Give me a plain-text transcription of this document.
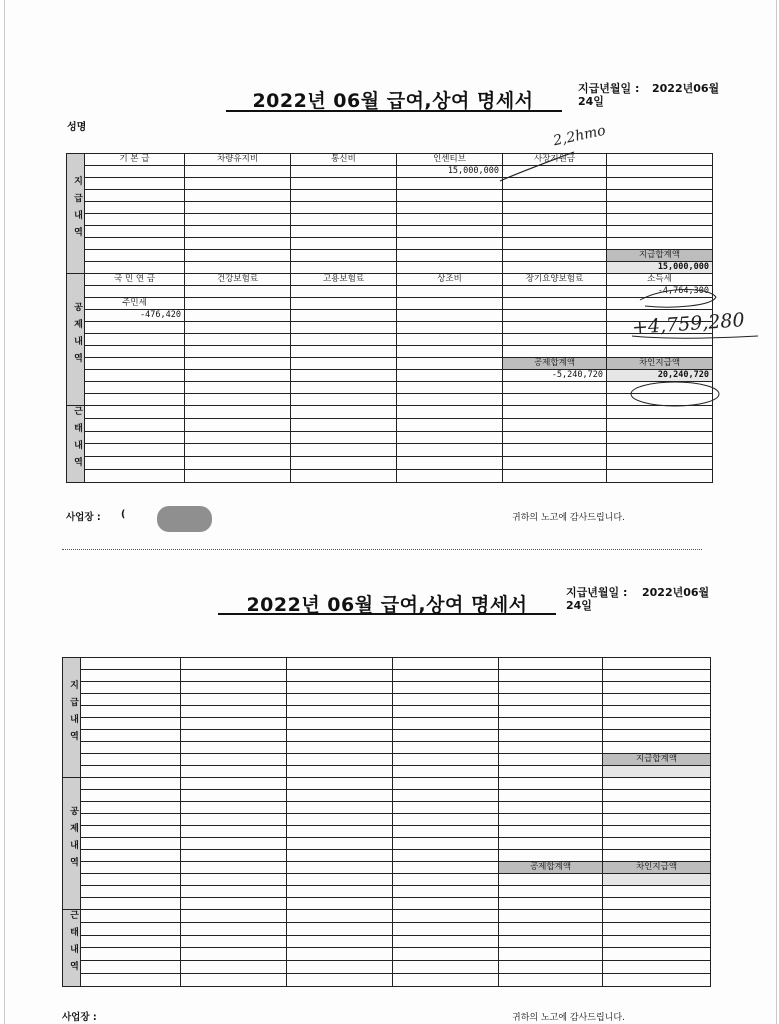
2022년 06월 급여,상여 명세서
지급년월일 : 2022년06월
24일
성명
지급내역	기 본 급	차량유지비	통신비	인센티브	사장지원금	
				15,000,000		

						지급합계액
						15,000,000
공제내역	국 민 연 금	건강보험료	고용보험료	상조비	장기요양보험료	소득세
						-4,764,300
	주민세					
	-476,420					

					공제합계액	차인지급액
					-5,240,720	20,240,720

근태내역						

사업장 : (	귀하의 노고에 감사드립니다.
2022년 06월 급여,상여 명세서
지급년월일 : 2022년06월
24일
지급내역						

						지급합계액

공제내역						

					공제합계액	차인지급액

근태내역						

사업장 :	귀하의 노고에 감사드립니다.
2,2hmo
+4,759,280
